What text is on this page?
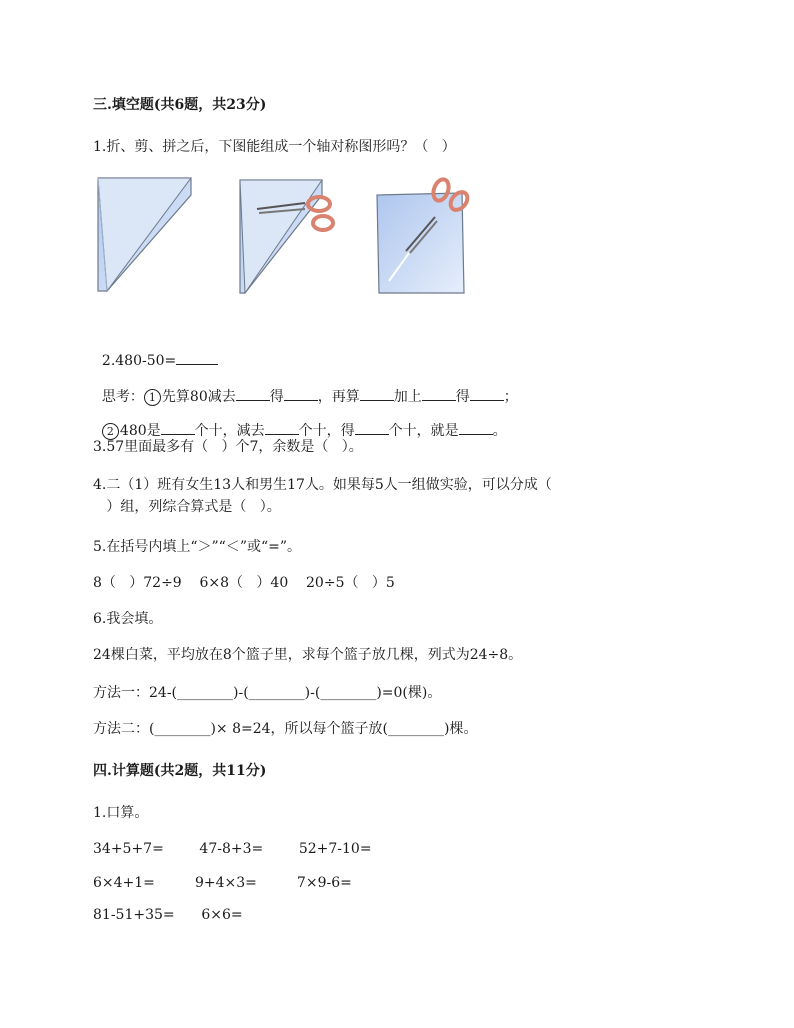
三.填空题(共6题，共23分)
1.折、剪、拼之后，下图能组成一个轴对称图形吗？（   ）

2.480-50=

思考： 1 先算80减去 得 ，再算 加上 得 ；

2 480是 个十，减去 个十，得 个十，就是 。

3.57里面最多有（   ）个7，余数是（   ）。
4.二（1）班有女生13人和男生17人。如果每5人一组做实验，可以分成（
）组，列综合算式是（   ）。
5.在括号内填上“＞”“＜”或“=”。
8（   ）72÷9    6×8（   ）40    20÷5（   ）5
6.我会填。
24棵白菜，平均放在8个篮子里，求每个篮子放几棵，列式为24÷8。
方法一：24-(________)-(________)-(________)=0(棵)。
方法二：(________)× 8=24，所以每个篮子放(________)棵。
四.计算题(共2题，共11分)
1.口算。
34+5+7=        47-8+3=        52+7-10=
6×4+1=         9+4×3=         7×9-6=
81-51+35=      6×6=
